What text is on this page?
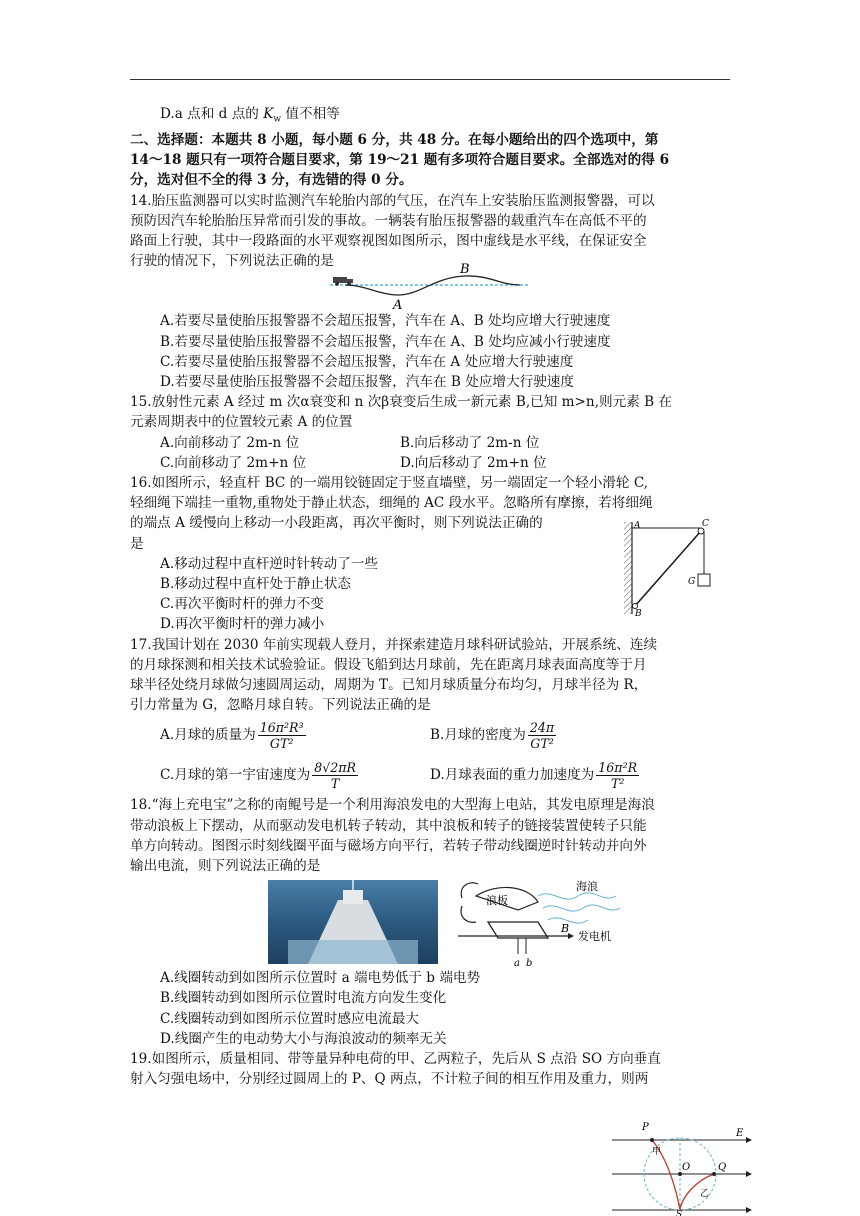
D.a 点和 d 点的 $K_w$ 值不相等
二、选择题：本题共 8 小题，每小题 6 分，共 48 分。在每小题给出的四个选项中，第
14～18 题只有一项符合题目要求，第 19～21 题有多项符合题目要求。全部选对的得 6
分，选对但不全的得 3 分，有选错的得 0 分。
14.胎压监测器可以实时监测汽车轮胎内部的气压，在汽车上安装胎压监测报警器，可以
预防因汽车轮胎胎压异常而引发的事故。一辆装有胎压报警器的载重汽车在高低不平的
路面上行驶，其中一段路面的水平观察视图如图所示，图中虚线是水平线，在保证安全
行驶的情况下，下列说法正确的是
B
A
A.若要尽量使胎压报警器不会超压报警，汽车在 A、B 处均应增大行驶速度
B.若要尽量使胎压报警器不会超压报警，汽车在 A、B 处均应减小行驶速度
C.若要尽量使胎压报警器不会超压报警，汽车在 A 处应增大行驶速度
D.若要尽量使胎压报警器不会超压报警，汽车在 B 处应增大行驶速度
15.放射性元素 A 经过 m 次α衰变和 n 次β衰变后生成一新元素 B,已知 m>n,则元素 B 在
元素周期表中的位置较元素 A 的位置
A.向前移动了 2m-n 位	B.向后移动了 2m-n 位
C.向前移动了 2m+n 位	D.向后移动了 2m+n 位
16.如图所示，轻直杆 BC 的一端用铰链固定于竖直墙壁，另一端固定一个轻小滑轮 C,
轻细绳下端挂一重物,重物处于静止状态，细绳的 AC 段水平。忽略所有摩擦，若将细绳
的端点 A 缓慢向上移动一小段距离，再次平衡时，则下列说法正确的
是
A.移动过程中直杆逆时针转动了一些
B.移动过程中直杆处于静止状态
C.再次平衡时杆的弹力不变
D.再次平衡时杆的弹力减小
17.我国计划在 2030 年前实现载人登月，并探索建造月球科研试验站，开展系统、连续
的月球探测和相关技术试验验证。假设飞船到达月球前，先在距离月球表面高度等于月
球半径处绕月球做匀速圆周运动，周期为 T。已知月球质量分布均匀，月球半径为 R，
引力常量为 G，忽略月球自转。下列说法正确的是
A.月球的质量为 $\frac{\text{16π²R³}}{\text{GT²}}$	B.月球的密度为 $\frac{24\pi}{\text{GT²}}$
C.月球的第一宇宙速度为 $\frac{8√2\pi R}{T}$	D.月球表面的重力加速度为 $\frac{\text{16π²R}}{\text{T²}}$
18.“海上充电宝”之称的南鲲号是一个利用海浪发电的大型海上电站，其发电原理是海浪
带动浪板上下摆动，从而驱动发电机转子转动，其中浪板和转子的链接装置使转子只能
单方向转动。图图示时刻线圈平面与磁场方向平行，若转子带动线圈逆时针转动并向外
输出电流，则下列说法正确的是
浪板
海浪
B
a b
发电机
A.线圈转动到如图所示位置时 a 端电势低于 b 端电势
B.线圈转动到如图所示位置时电流方向发生变化
C.线圈转动到如图所示位置时感应电流最大
D.线圈产生的电动势大小与海浪波动的频率无关
19.如图所示，质量相同、带等量异种电荷的甲、乙两粒子，先后从 S 点沿 SO 方向垂直
射入匀强电场中，分别经过圆周上的 P、Q 两点，不计粒子间的相互作用及重力，则两
A	C
G
B
P
甲
O	Q
E
乙
S
